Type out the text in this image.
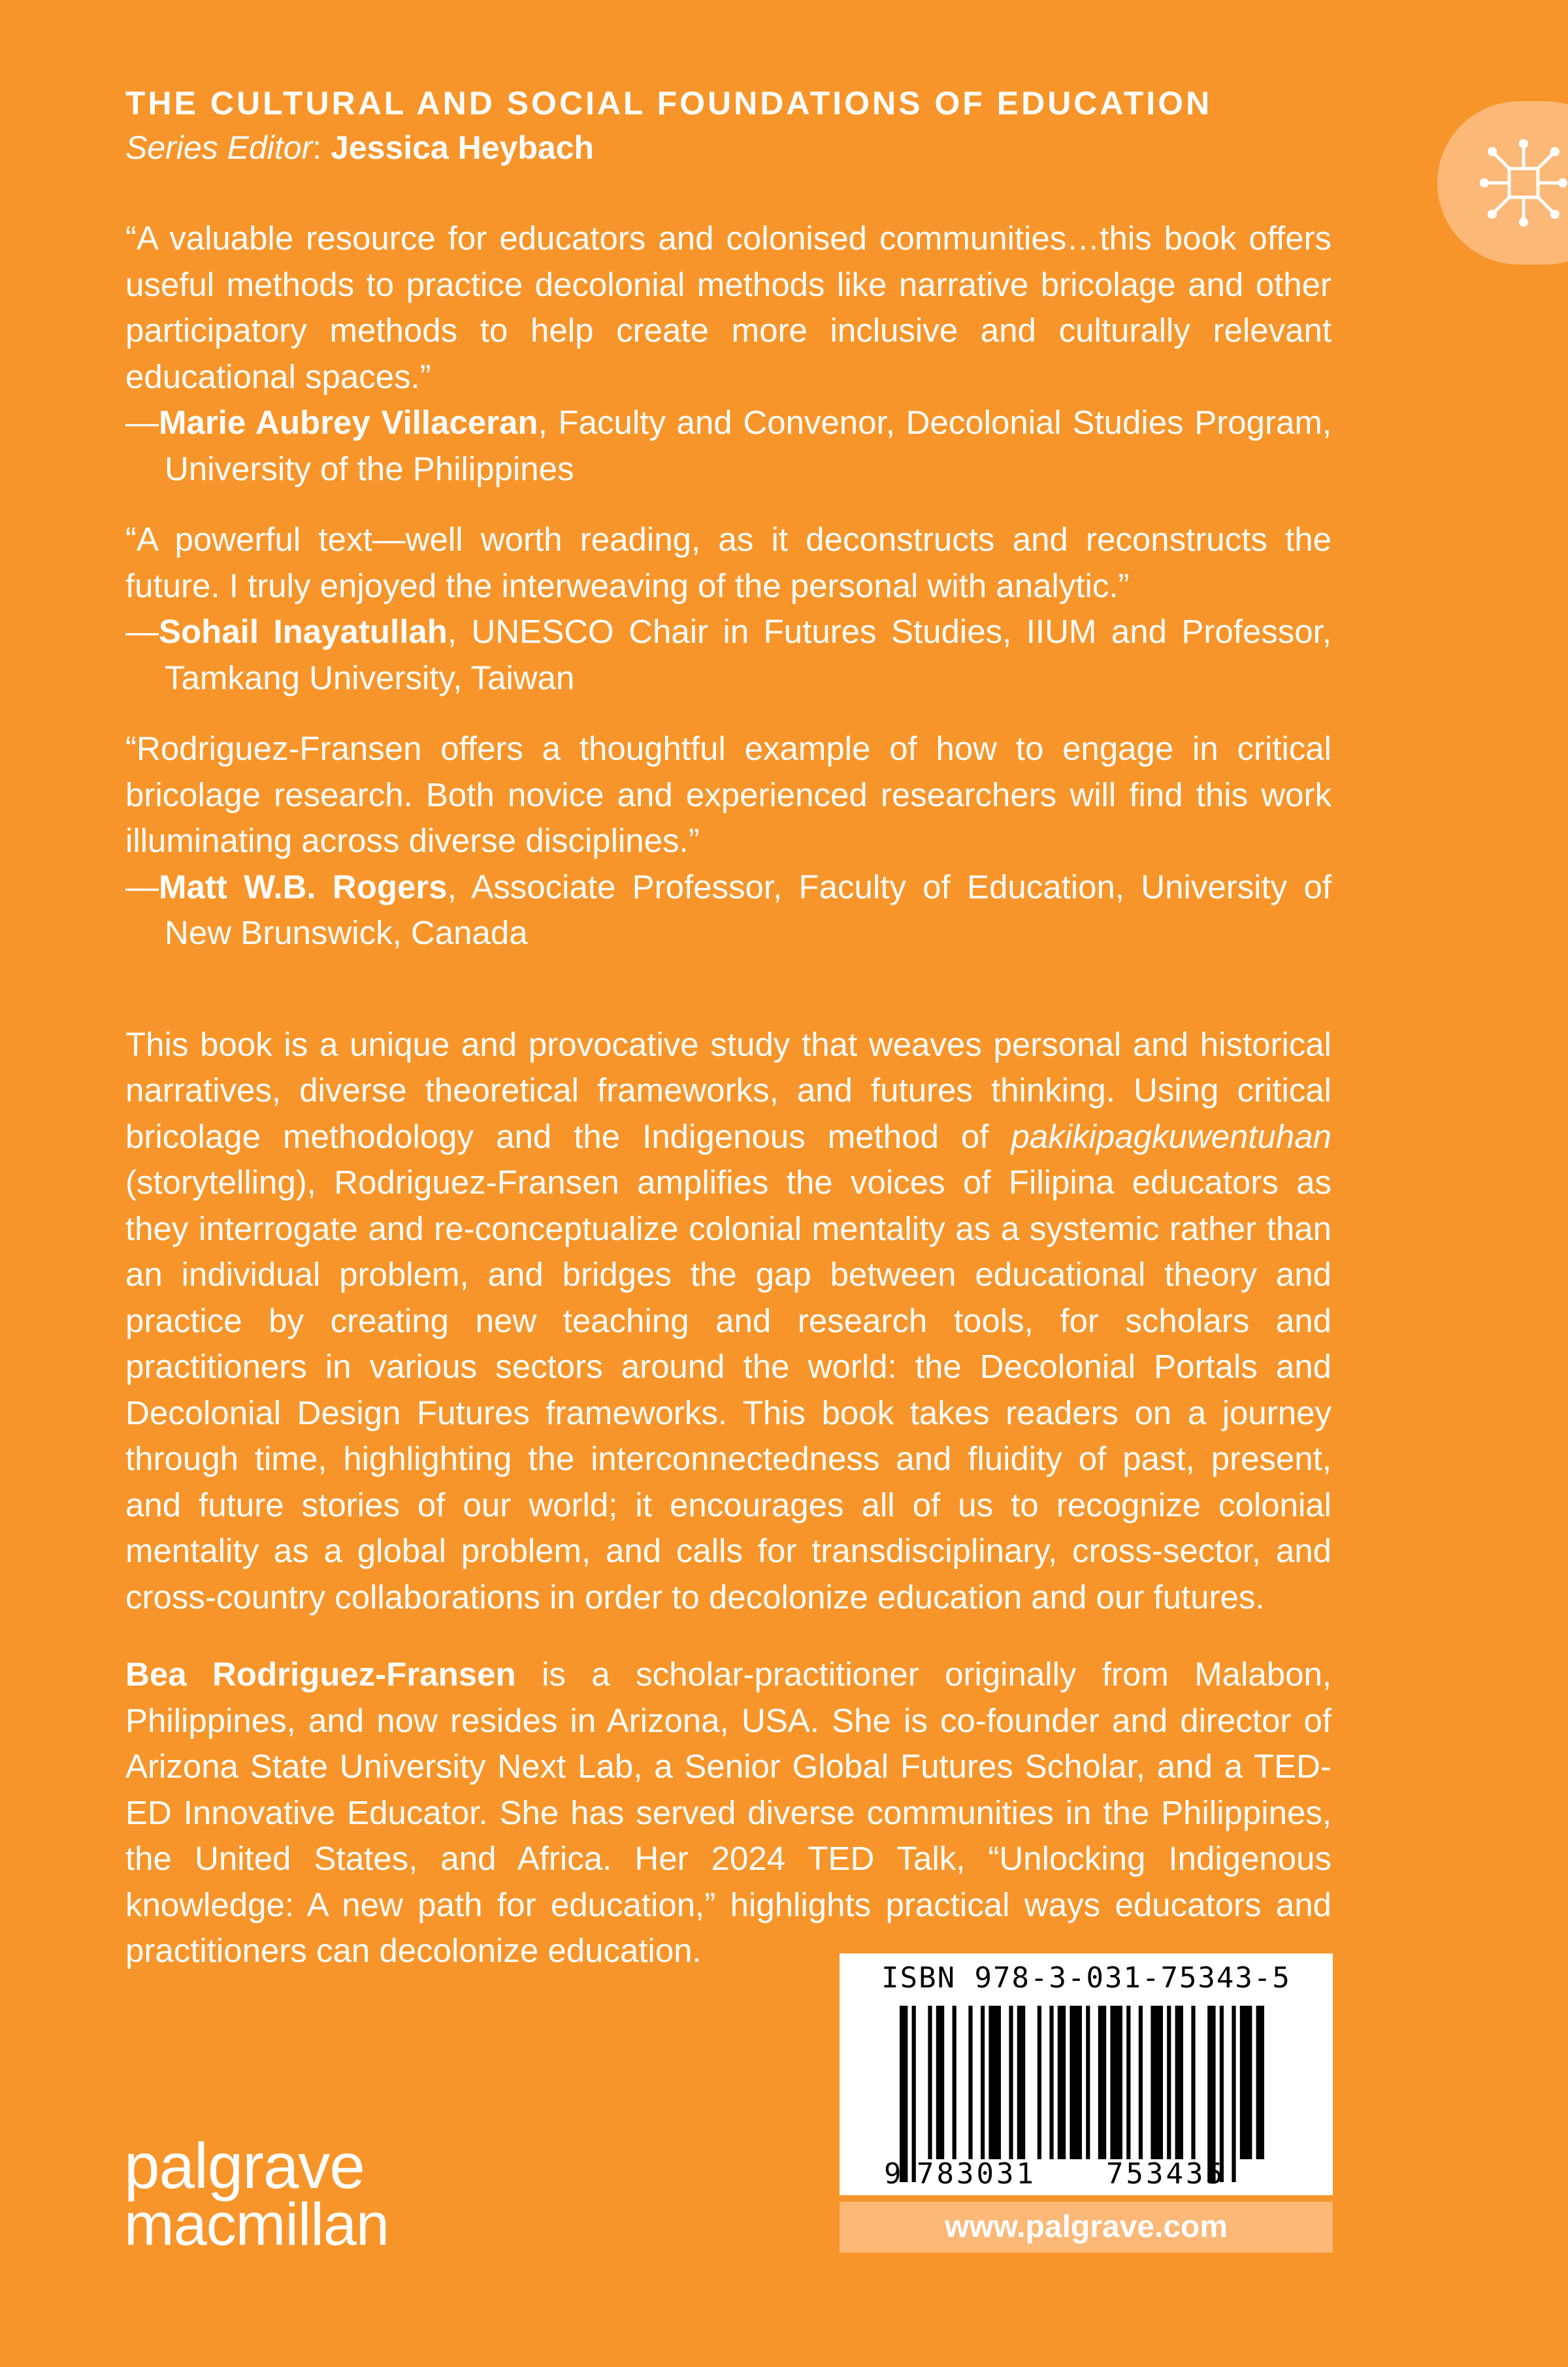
THE CULTURAL AND SOCIAL FOUNDATIONS OF EDUCATION
Series Editor: Jessica Heybach

“A valuable resource for educators and colonised communities…this book offers useful methods to practice decolonial methods like narrative bricolage and other participatory methods to help create more inclusive and culturally relevant educational spaces.”

—Marie Aubrey Villaceran, Faculty and Convenor, Decolonial Studies Program, University of the Philippines

“A powerful text—well worth reading, as it deconstructs and reconstructs the future. I truly enjoyed the interweaving of the personal with analytic.”

—Sohail Inayatullah, UNESCO Chair in Futures Studies, IIUM and Professor, Tamkang University, Taiwan

“Rodriguez-Fransen offers a thoughtful example of how to engage in critical bricolage research. Both novice and experienced researchers will find this work illuminating across diverse disciplines.”

—Matt W.B. Rogers, Associate Professor, Faculty of Education, University of New Brunswick, Canada

This book is a unique and provocative study that weaves personal and historical narratives, diverse theoretical frameworks, and futures thinking. Using critical bricolage methodology and the Indigenous method of pakikipagkuwentuhan (storytelling), Rodriguez-Fransen amplifies the voices of Filipina educators as they interrogate and re-conceptualize colonial mentality as a systemic rather than an individual problem, and bridges the gap between educational theory and practice by creating new teaching and research tools, for scholars and practitioners in various sectors around the world: the Decolonial Portals and Decolonial Design Futures frameworks. This book takes readers on a journey through time, highlighting the interconnectedness and fluidity of past, present, and future stories of our world; it encourages all of us to recognize colonial mentality as a global problem, and calls for transdisciplinary, cross-sector, and cross-country collaborations in order to decolonize education and our futures.

Bea Rodriguez-Fransen is a scholar-practitioner originally from Malabon, Philippines, and now resides in Arizona, USA. She is co-founder and director of Arizona State University Next Lab, a Senior Global Futures Scholar, and a TED-ED Innovative Educator. She has served diverse communities in the Philippines, the United States, and Africa. Her 2024 TED Talk, “Unlocking Indigenous knowledge: A new path for education,” highlights practical ways educators and practitioners can decolonize education.

ISBN 978-3-031-75343-5
9 783031 753435
www.palgrave.com
palgrave
macmillan
